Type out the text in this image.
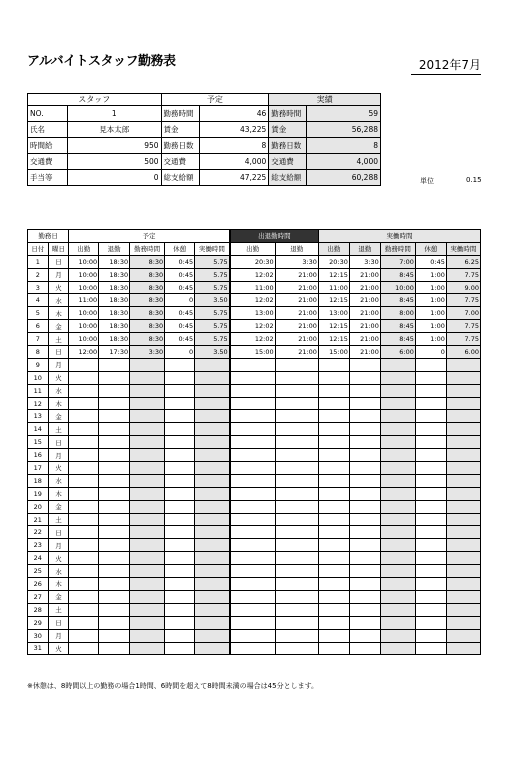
アルバイトスタッフ勤務表	2012年7月
スタッフ		予定		実績	
NO.	1	勤務時間	46	勤務時間	59
氏名	見本太郎	賃金	43,225	賃金	56,288
時間給	950	勤務日数	8	勤務日数	8
交通費	500	交通費	4,000	交通費	4,000
手当等	0	総支給額	47,225	総支給額	60,288	単位	0.15
勤務日		予定					出退勤時間		実働時間				
日付	曜日	出勤	退勤	勤務時間	休憩	実働時間	出勤	退勤	出勤	退勤	勤務時間	休憩	実働時間
1	日	10:00	18:30	8:30	0:45	5.75	20:30	3:30	20:30	3:30	7:00	0:45	6.25
2	月	10:00	18:30	8:30	0:45	5.75	12:02	21:00	12:15	21:00	8:45	1:00	7.75
3	火	10:00	18:30	8:30	0:45	5.75	11:00	21:00	11:00	21:00	10:00	1:00	9.00
4	水	11:00	18:30	8:30	0	3.50	12:02	21:00	12:15	21:00	8:45	1:00	7.75
5	木	10:00	18:30	8:30	0:45	5.75	13:00	21:00	13:00	21:00	8:00	1:00	7.00
6	金	10:00	18:30	8:30	0:45	5.75	12:02	21:00	12:15	21:00	8:45	1:00	7.75
7	土	10:00	18:30	8:30	0:45	5.75	12:02	21:00	12:15	21:00	8:45	1:00	7.75
8	日	12:00	17:30	3:30	0	3.50	15:00	21:00	15:00	21:00	6:00	0	6.00
9	月												
10	火												
11	水												
12	木												
13	金												
14	土												
15	日												
16	月												
17	火												
18	水												
19	木												
20	金												
21	土												
22	日												
23	月												
24	火												
25	水												
26	木												
27	金												
28	土												
29	日												
30	月												
31	火												
※休憩は、8時間以上の勤務の場合1時間、6時間を超えて8時間未満の場合は45分とします。
